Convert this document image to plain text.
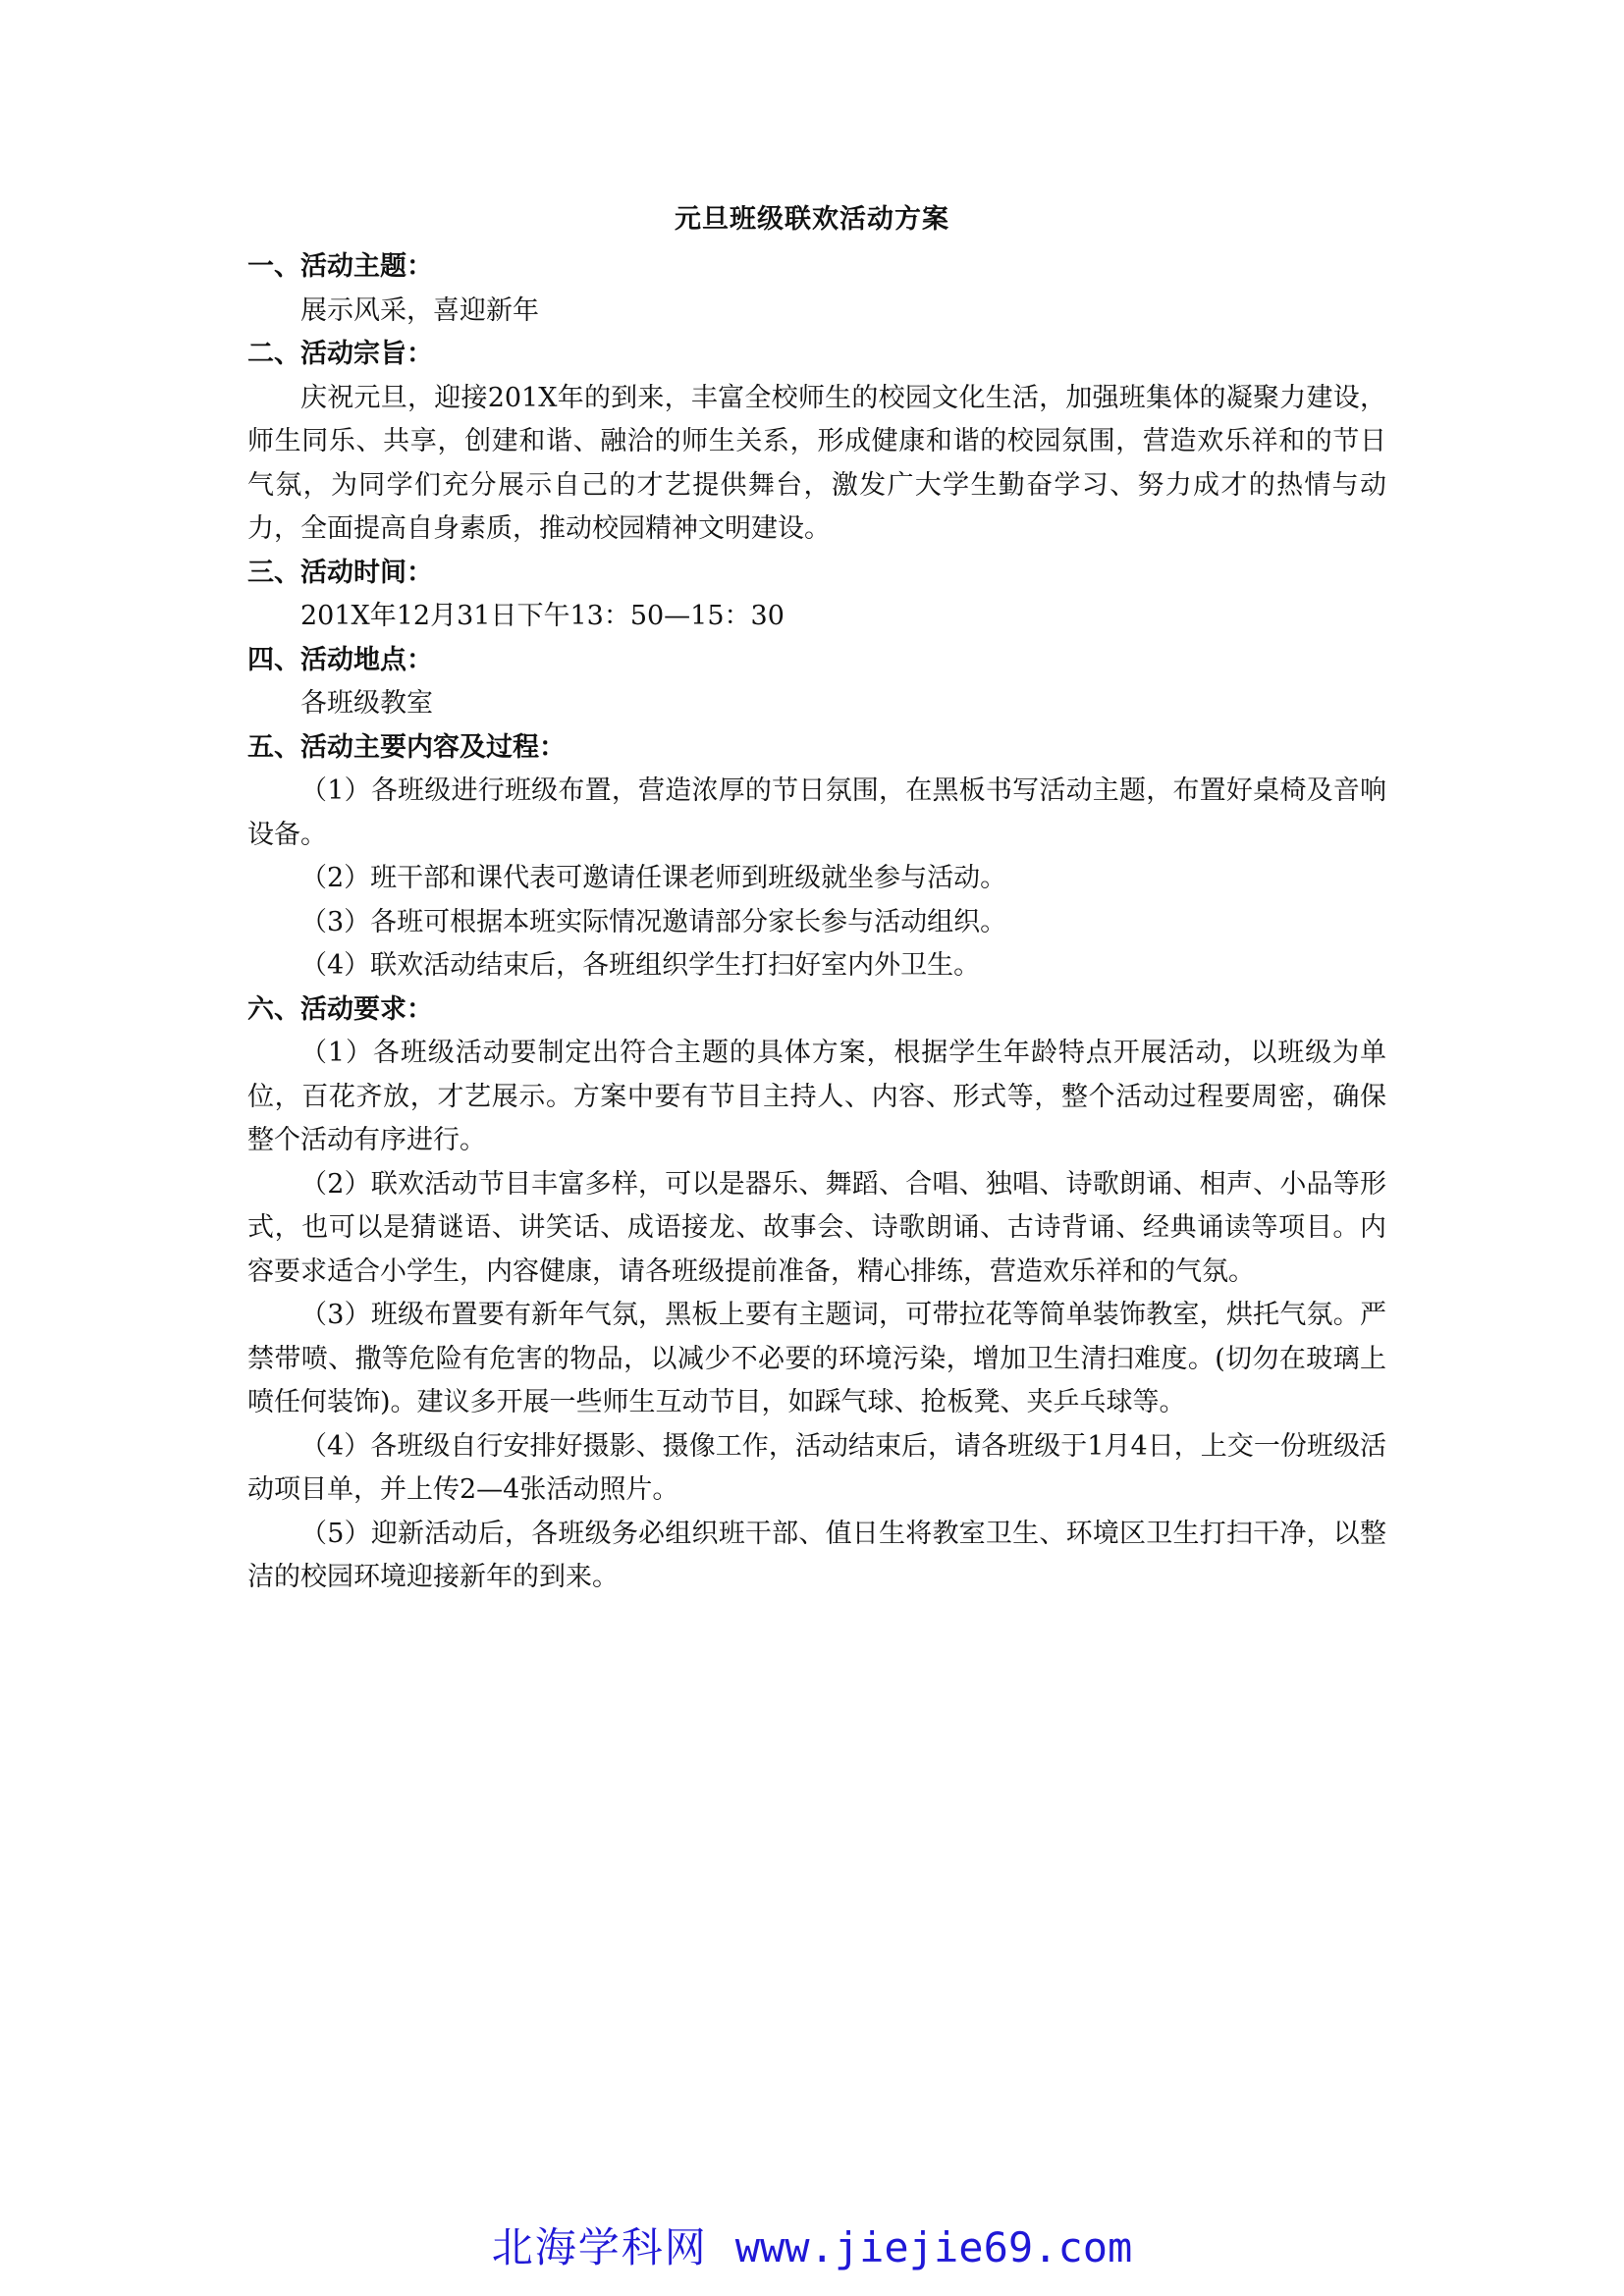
元旦班级联欢活动方案

一、活动主题：

展示风采，喜迎新年

二、活动宗旨：

庆祝元旦，迎接201X年的到来，丰富全校师生的校园文化生活，加强班集体的凝聚力建设，师生同乐、共享，创建和谐、融洽的师生关系，形成健康和谐的校园氛围，营造欢乐祥和的节日气氛，为同学们充分展示自己的才艺提供舞台，激发广大学生勤奋学习、努力成才的热情与动力，全面提高自身素质，推动校园精神文明建设。

三、活动时间：

201X年12月31日下午13：50—15：30

四、活动地点：

各班级教室

五、活动主要内容及过程：

（1）各班级进行班级布置，营造浓厚的节日氛围，在黑板书写活动主题，布置好桌椅及音响设备。

（2）班干部和课代表可邀请任课老师到班级就坐参与活动。

（3）各班可根据本班实际情况邀请部分家长参与活动组织。

（4）联欢活动结束后，各班组织学生打扫好室内外卫生。

六、活动要求：

（1）各班级活动要制定出符合主题的具体方案，根据学生年龄特点开展活动，以班级为单位，百花齐放，才艺展示。方案中要有节目主持人、内容、形式等，整个活动过程要周密，确保整个活动有序进行。

（2）联欢活动节目丰富多样，可以是器乐、舞蹈、合唱、独唱、诗歌朗诵、相声、小品等形式，也可以是猜谜语、讲笑话、成语接龙、故事会、诗歌朗诵、古诗背诵、经典诵读等项目。内容要求适合小学生，内容健康，请各班级提前准备，精心排练，营造欢乐祥和的气氛。

（3）班级布置要有新年气氛，黑板上要有主题词，可带拉花等简单装饰教室，烘托气氛。严禁带喷、撒等危险有危害的物品，以减少不必要的环境污染，增加卫生清扫难度。(切勿在玻璃上喷任何装饰)。建议多开展一些师生互动节目，如踩气球、抢板凳、夹乒乓球等。

（4）各班级自行安排好摄影、摄像工作，活动结束后，请各班级于1月4日，上交一份班级活动项目单，并上传2—4张活动照片。

（5）迎新活动后，各班级务必组织班干部、值日生将教室卫生、环境区卫生打扫干净，以整洁的校园环境迎接新年的到来。

北海学科网 www.jiejie69.com
